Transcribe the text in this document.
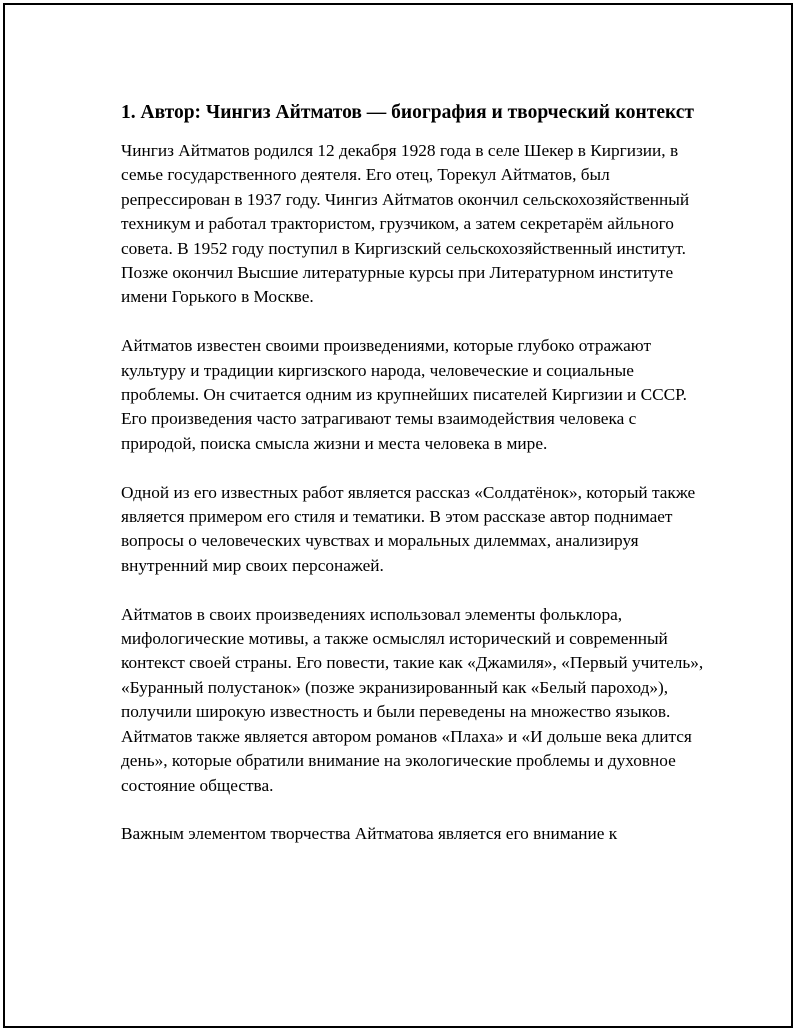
1. Автор: Чингиз Айтматов — биография и творческий контекст

Чингиз Айтматов родился 12 декабря 1928 года в селе Шекер в Киргизии, в семье государственного деятеля. Его отец, Торекул Айтматов, был репрессирован в 1937 году. Чингиз Айтматов окончил сельскохозяйственный техникум и работал трактористом, грузчиком, а затем секретарём айльного совета. В 1952 году поступил в Киргизский сельскохозяйственный институт. Позже окончил Высшие литературные курсы при Литературном институте имени Горького в Москве.

Айтматов известен своими произведениями, которые глубоко отражают культуру и традиции киргизского народа, человеческие и социальные проблемы. Он считается одним из крупнейших писателей Киргизии и СССР. Его произведения часто затрагивают темы взаимодействия человека с природой, поиска смысла жизни и места человека в мире.

Одной из его известных работ является рассказ «Солдатёнок», который также является примером его стиля и тематики. В этом рассказе автор поднимает вопросы о человеческих чувствах и моральных дилеммах, анализируя внутренний мир своих персонажей.

Айтматов в своих произведениях использовал элементы фольклора, мифологические мотивы, а также осмыслял исторический и современный контекст своей страны. Его повести, такие как «Джамиля», «Первый учитель», «Буранный полустанок» (позже экранизированный как «Белый пароход»), получили широкую известность и были переведены на множество языков. Айтматов также является автором романов «Плаха» и «И дольше века длится день», которые обратили внимание на экологические проблемы и духовное состояние общества.

Важным элементом творчества Айтматова является его внимание к
